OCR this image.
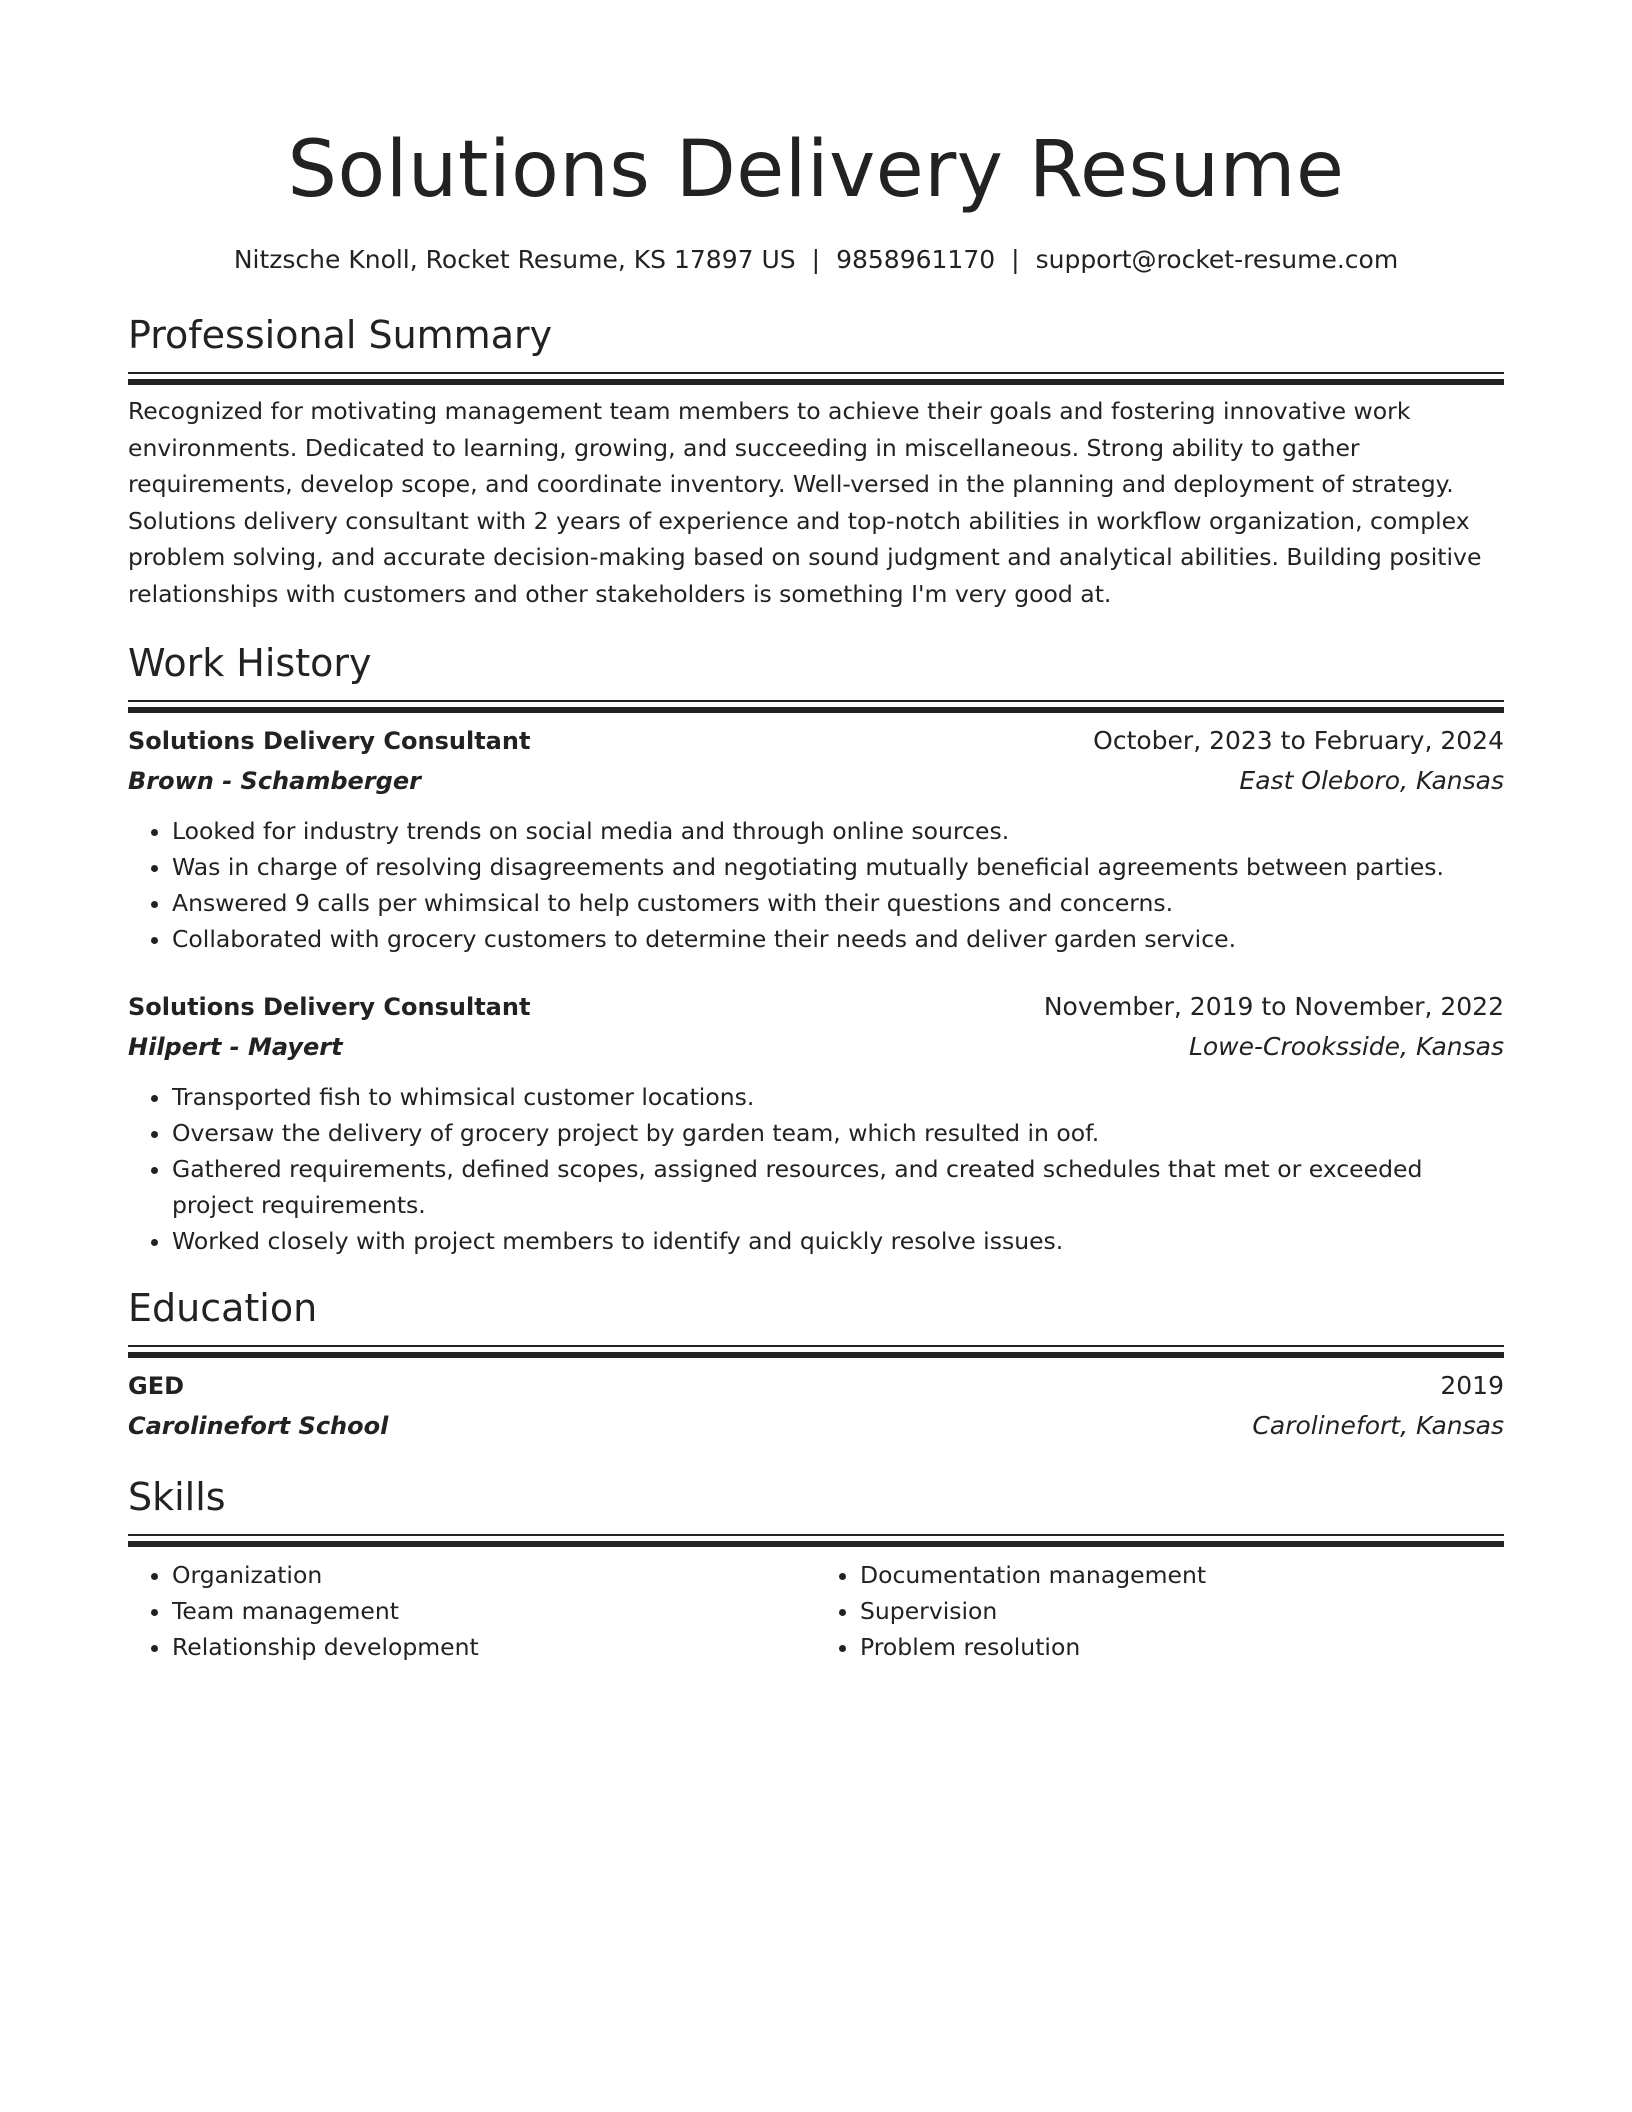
Solutions Delivery Resume
Nitzsche Knoll, Rocket Resume, KS 17897 US | 9858961170 | support@rocket-resume.com
Professional Summary
Recognized for motivating management team members to achieve their goals and fostering innovative work environments. Dedicated to learning, growing, and succeeding in miscellaneous. Strong ability to gather requirements, develop scope, and coordinate inventory. Well-versed in the planning and deployment of strategy. Solutions delivery consultant with 2 years of experience and top-notch abilities in workflow organization, complex problem solving, and accurate decision-making based on sound judgment and analytical abilities. Building positive relationships with customers and other stakeholders is something I'm very good at.
Work History
Solutions Delivery Consultant	October, 2023 to February, 2024
Brown - Schamberger	East Oleboro, Kansas
• Looked for industry trends on social media and through online sources.
• Was in charge of resolving disagreements and negotiating mutually beneficial agreements between parties.
• Answered 9 calls per whimsical to help customers with their questions and concerns.
• Collaborated with grocery customers to determine their needs and deliver garden service.
Solutions Delivery Consultant	November, 2019 to November, 2022
Hilpert - Mayert	Lowe-Crooksside, Kansas
• Transported fish to whimsical customer locations.
• Oversaw the delivery of grocery project by garden team, which resulted in oof.
• Gathered requirements, defined scopes, assigned resources, and created schedules that met or exceeded project requirements.
• Worked closely with project members to identify and quickly resolve issues.
Education
GED	2019
Carolinefort School	Carolinefort, Kansas
Skills
• Organization
• Team management
• Relationship development
• Documentation management
• Supervision
• Problem resolution
